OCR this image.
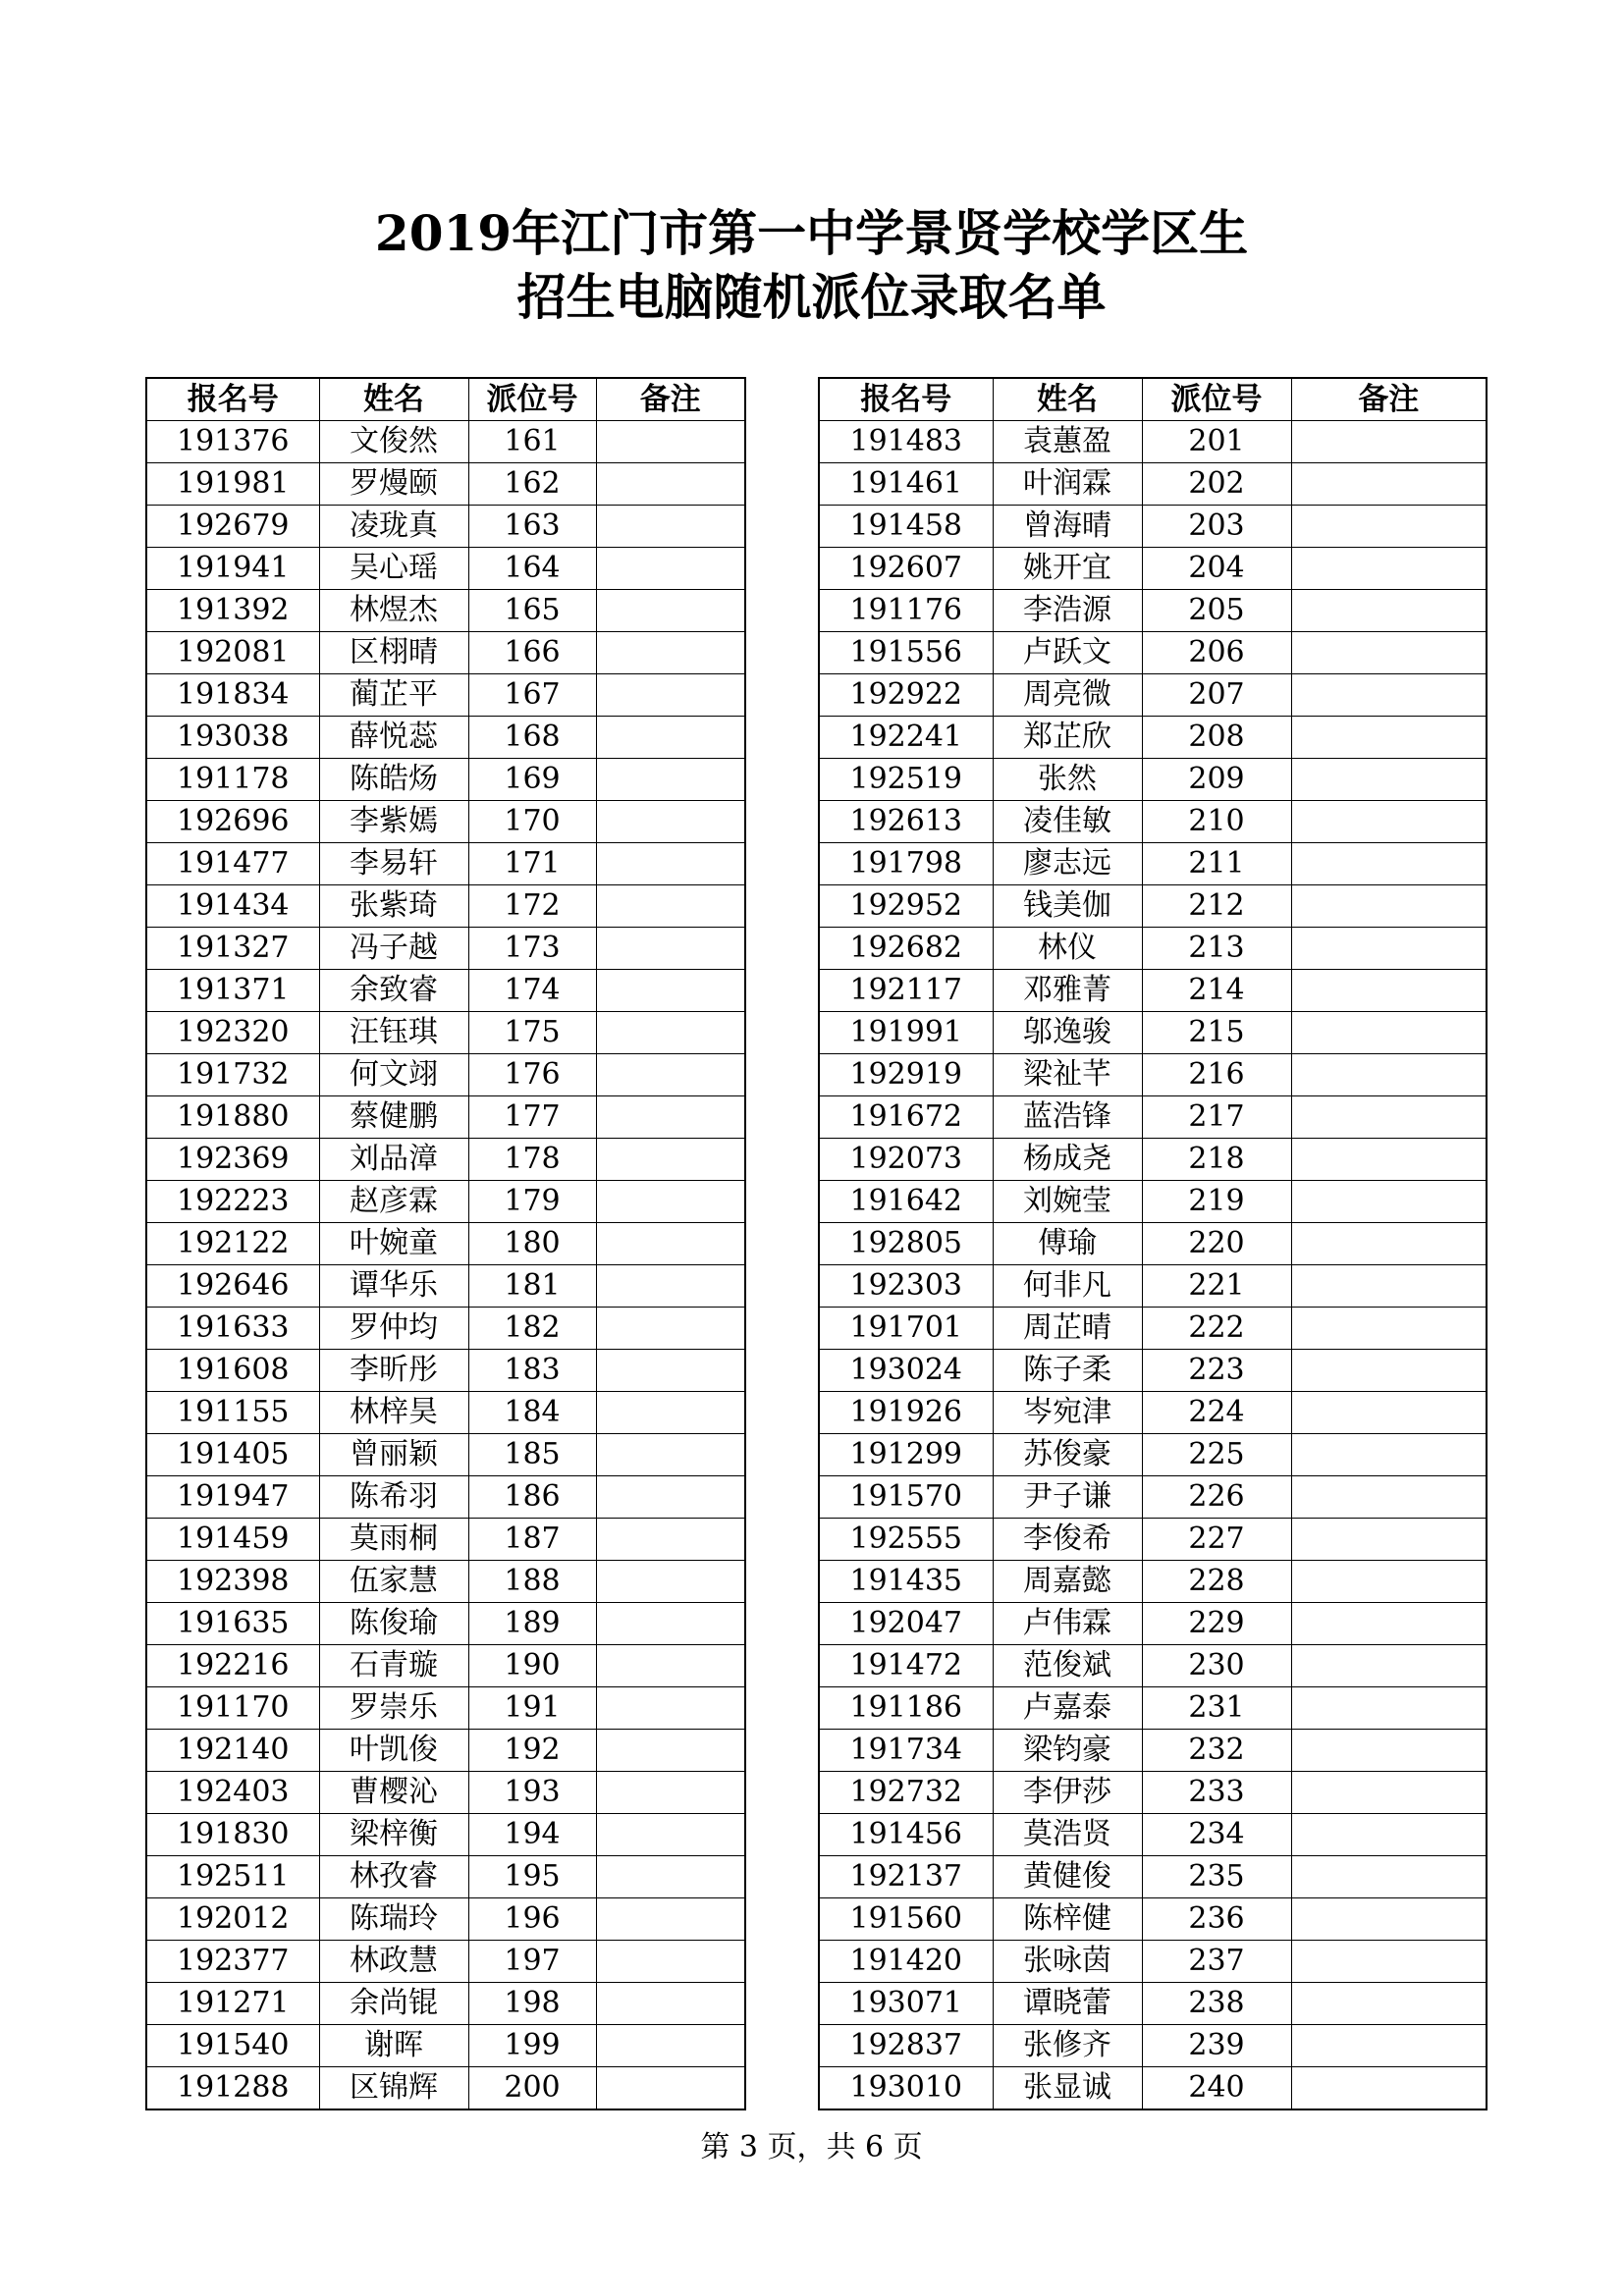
2019年江门市第一中学景贤学校学区生
招生电脑随机派位录取名单
报名号	姓名	派位号	备注
191376	文俊然	161	
191981	罗熳颐	162	
192679	凌珑真	163	
191941	吴心瑶	164	
191392	林煜杰	165	
192081	区栩晴	166	
191834	蔺芷平	167	
193038	薛悦蕊	168	
191178	陈皓炀	169	
192696	李紫嫣	170	
191477	李易轩	171	
191434	张紫琦	172	
191327	冯子越	173	
191371	余致睿	174	
192320	汪钰琪	175	
191732	何文翊	176	
191880	蔡健鹏	177	
192369	刘品漳	178	
192223	赵彦霖	179	
192122	叶婉童	180	
192646	谭华乐	181	
191633	罗仲均	182	
191608	李昕彤	183	
191155	林梓昊	184	
191405	曾丽颖	185	
191947	陈希羽	186	
191459	莫雨桐	187	
192398	伍家慧	188	
191635	陈俊瑜	189	
192216	石青璇	190	
191170	罗崇乐	191	
192140	叶凯俊	192	
192403	曹樱沁	193	
191830	梁梓衡	194	
192511	林孜睿	195	
192012	陈瑞玲	196	
192377	林政慧	197	
191271	余尚锟	198	
191540	谢晖	199	
191288	区锦辉	200	
报名号	姓名	派位号	备注
191483	袁蕙盈	201	
191461	叶润霖	202	
191458	曾海晴	203	
192607	姚开宜	204	
191176	李浩源	205	
191556	卢跃文	206	
192922	周亮微	207	
192241	郑芷欣	208	
192519	张然	209	
192613	凌佳敏	210	
191798	廖志远	211	
192952	钱美伽	212	
192682	林仪	213	
192117	邓雅菁	214	
191991	邬逸骏	215	
192919	梁祉芊	216	
191672	蓝浩锋	217	
192073	杨成尧	218	
191642	刘婉莹	219	
192805	傅瑜	220	
192303	何非凡	221	
191701	周芷晴	222	
193024	陈子柔	223	
191926	岑宛津	224	
191299	苏俊豪	225	
191570	尹子谦	226	
192555	李俊希	227	
191435	周嘉懿	228	
192047	卢伟霖	229	
191472	范俊斌	230	
191186	卢嘉泰	231	
191734	梁钧豪	232	
192732	李伊莎	233	
191456	莫浩贤	234	
192137	黄健俊	235	
191560	陈梓健	236	
191420	张咏茵	237	
193071	谭晓蕾	238	
192837	张修齐	239	
193010	张显诚	240	
第 3 页，共 6 页
